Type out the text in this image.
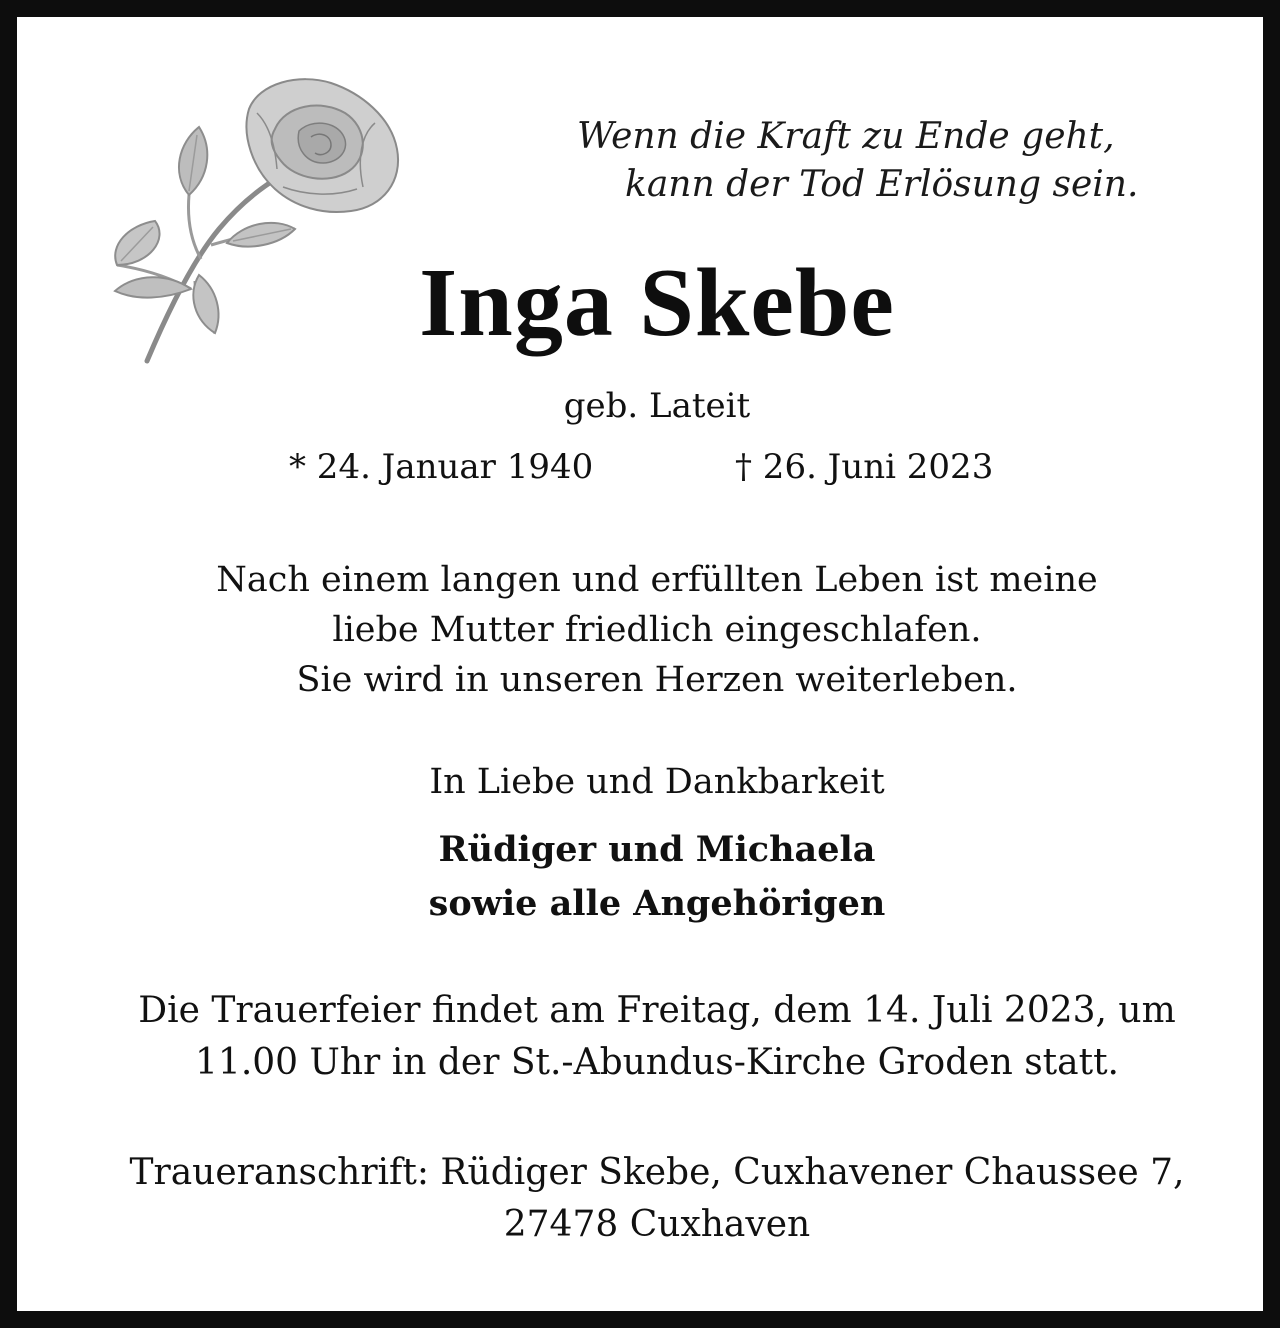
Wenn die Kraft zu Ende geht,
kann der Tod Erlösung sein.
Inga Skebe
geb. Lateit
* 24. Januar 1940	† 26. Juni 2023
Nach einem langen und erfüllten Leben ist meine
liebe Mutter friedlich eingeschlafen.
Sie wird in unseren Herzen weiterleben.
In Liebe und Dankbarkeit
Rüdiger und Michaela
sowie alle Angehörigen
Die Trauerfeier findet am Freitag, dem 14. Juli 2023, um
11.00 Uhr in der St.-Abundus-Kirche Groden statt.
Traueranschrift: Rüdiger Skebe, Cuxhavener Chaussee 7,
27478 Cuxhaven
